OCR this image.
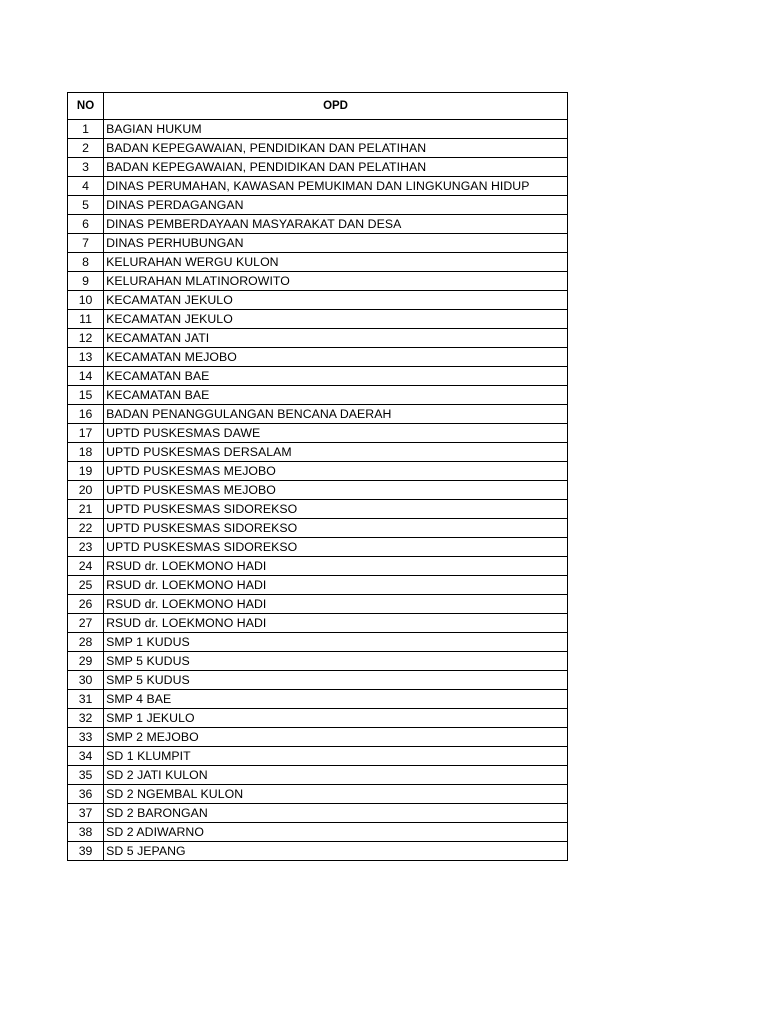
NO	OPD
1	BAGIAN HUKUM
2	BADAN KEPEGAWAIAN, PENDIDIKAN DAN PELATIHAN
3	BADAN KEPEGAWAIAN, PENDIDIKAN DAN PELATIHAN
4	DINAS PERUMAHAN, KAWASAN PEMUKIMAN DAN LINGKUNGAN HIDUP
5	DINAS PERDAGANGAN
6	DINAS PEMBERDAYAAN MASYARAKAT DAN DESA
7	DINAS PERHUBUNGAN
8	KELURAHAN WERGU KULON
9	KELURAHAN MLATINOROWITO
10	KECAMATAN JEKULO
11	KECAMATAN JEKULO
12	KECAMATAN JATI
13	KECAMATAN MEJOBO
14	KECAMATAN BAE
15	KECAMATAN BAE
16	BADAN PENANGGULANGAN BENCANA DAERAH
17	UPTD PUSKESMAS DAWE
18	UPTD PUSKESMAS DERSALAM
19	UPTD PUSKESMAS MEJOBO
20	UPTD PUSKESMAS MEJOBO
21	UPTD PUSKESMAS SIDOREKSO
22	UPTD PUSKESMAS SIDOREKSO
23	UPTD PUSKESMAS SIDOREKSO
24	RSUD dr. LOEKMONO HADI
25	RSUD dr. LOEKMONO HADI
26	RSUD dr. LOEKMONO HADI
27	RSUD dr. LOEKMONO HADI
28	SMP 1 KUDUS
29	SMP 5 KUDUS
30	SMP 5 KUDUS
31	SMP 4 BAE
32	SMP 1 JEKULO
33	SMP 2 MEJOBO
34	SD 1 KLUMPIT
35	SD 2 JATI KULON
36	SD 2 NGEMBAL KULON
37	SD 2 BARONGAN
38	SD 2 ADIWARNO
39	SD 5 JEPANG
